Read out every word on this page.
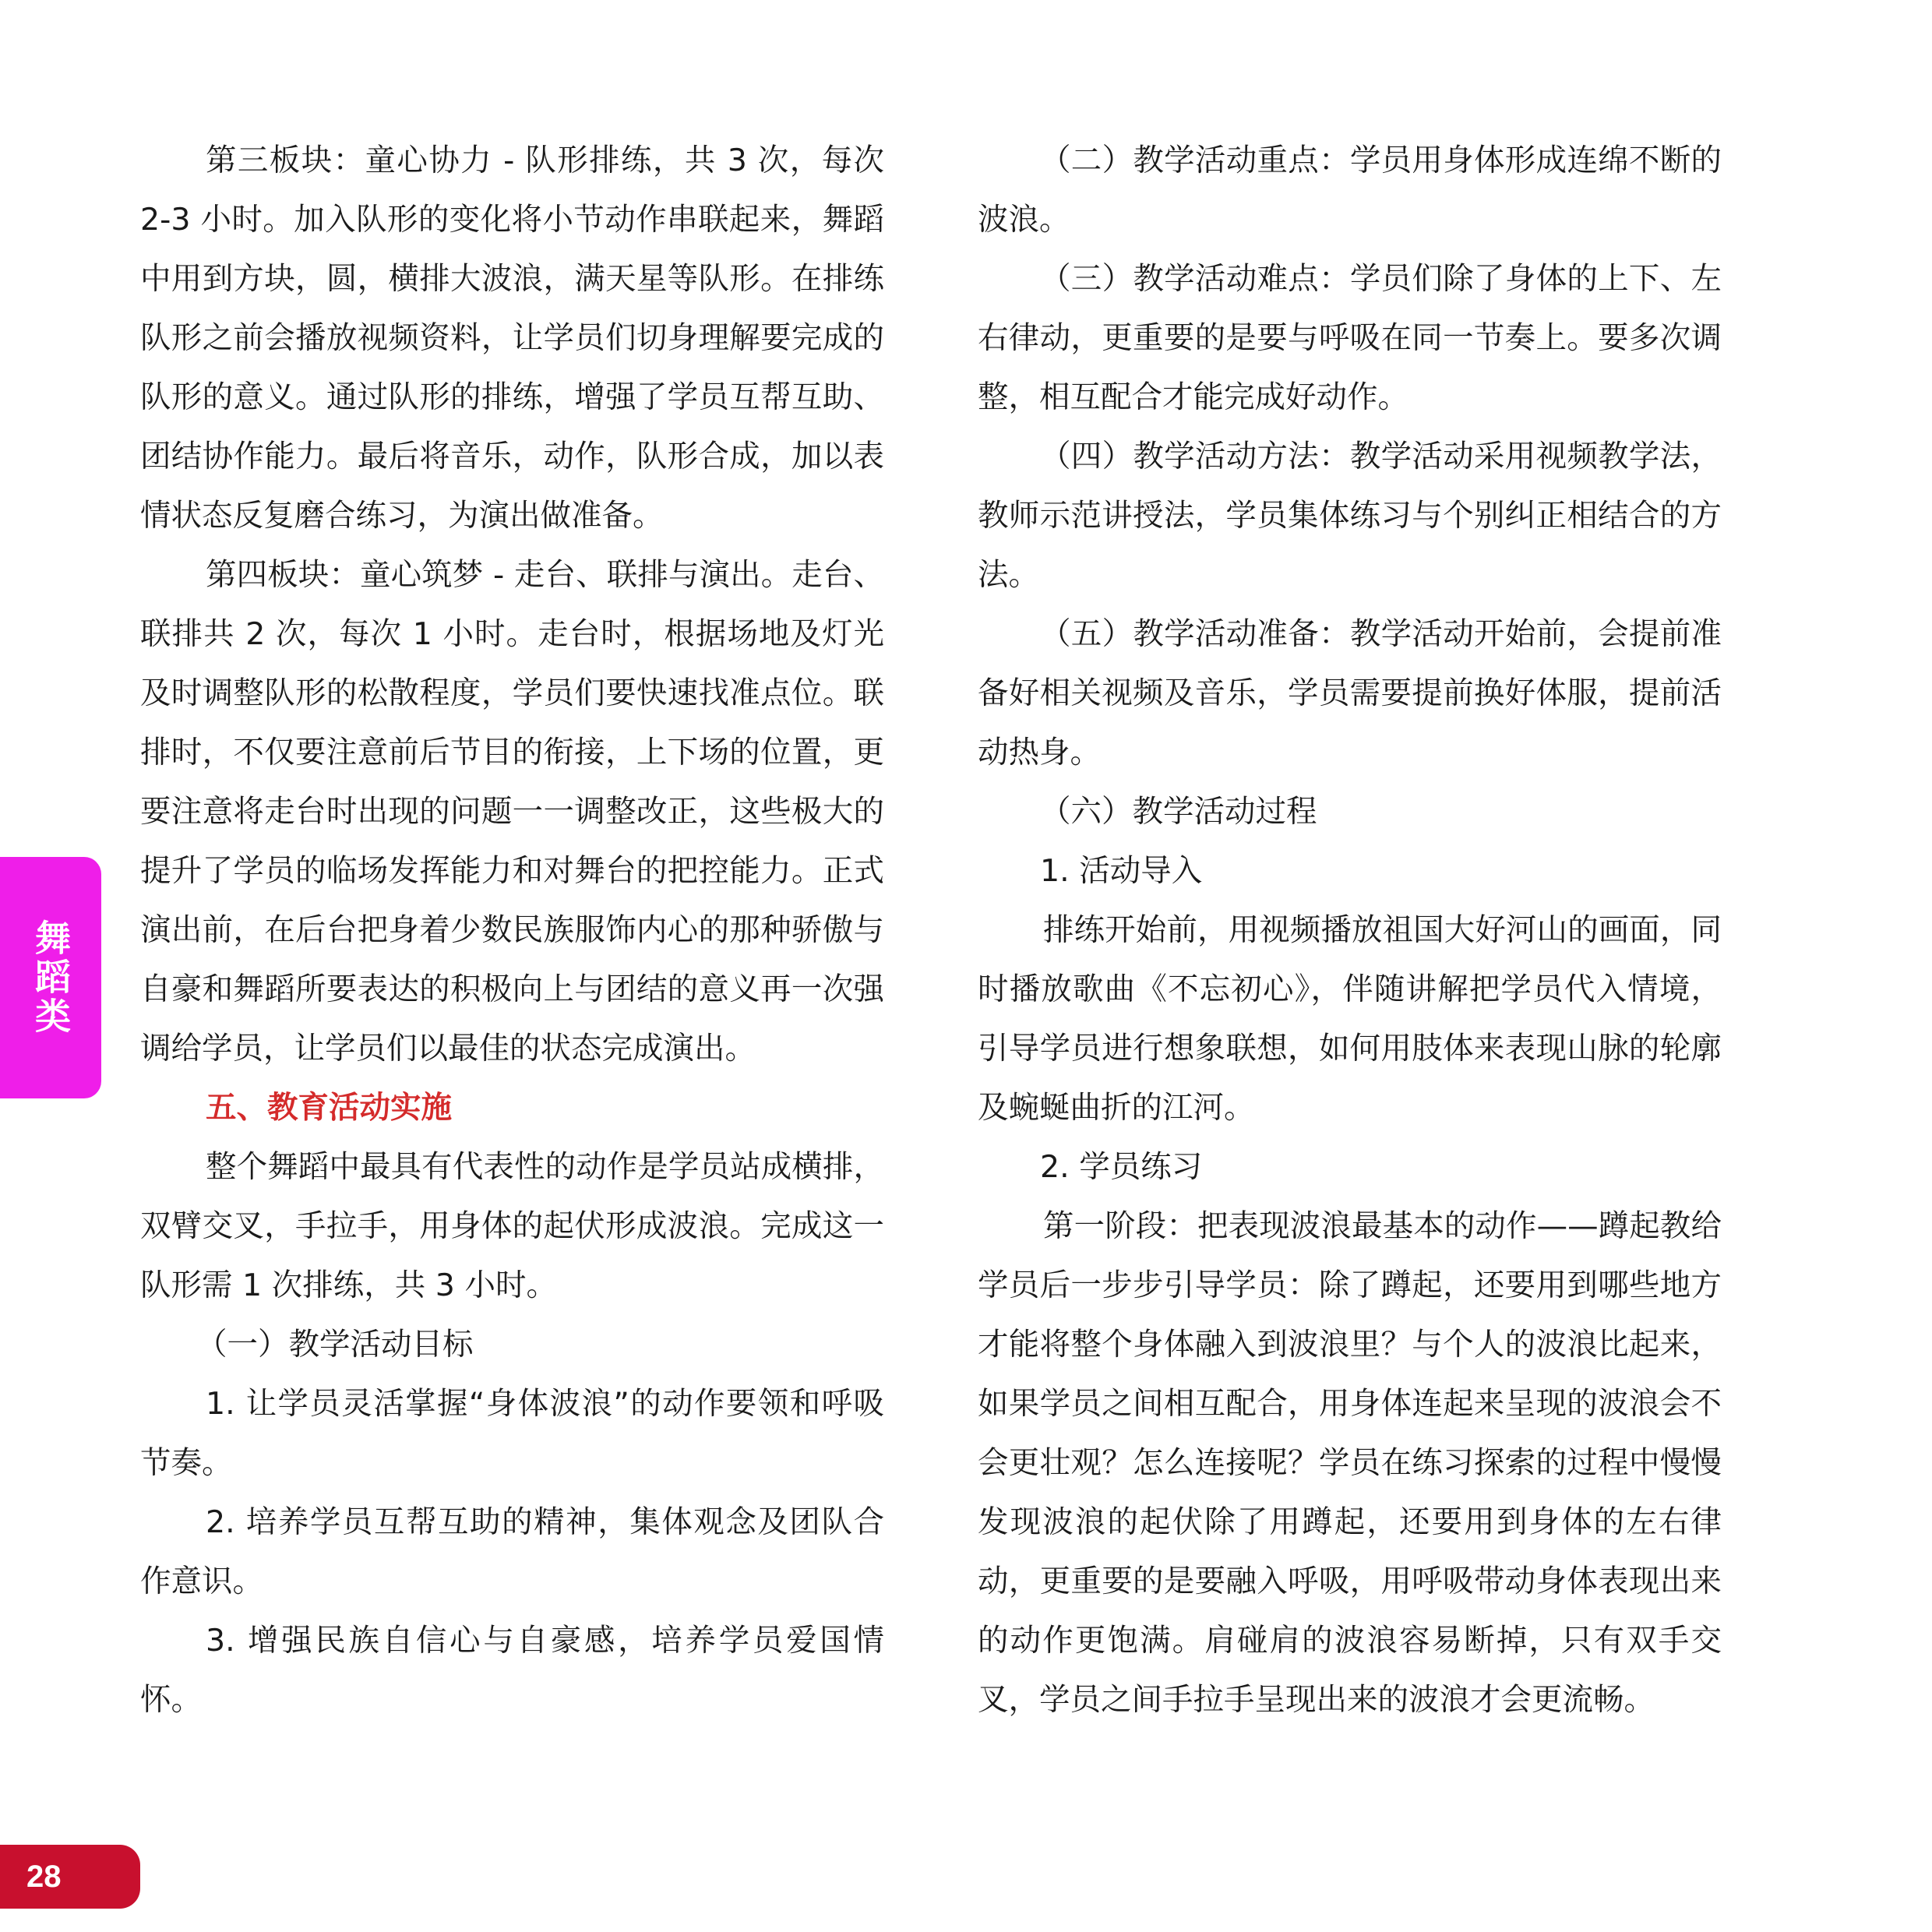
第三板块：童心协力 - 队形排练，共 3 次，每次 2-3 小时。加入队形的变化将小节动作串联起来，舞蹈中用到方块，圆，横排大波浪，满天星等队形。在排练队形之前会播放视频资料，让学员们切身理解要完成的队形的意义。通过队形的排练，增强了学员互帮互助、团结协作能力。最后将音乐，动作，队形合成，加以表情状态反复磨合练习，为演出做准备。

第四板块：童心筑梦 - 走台、联排与演出。走台、联排共 2 次，每次 1 小时。走台时，根据场地及灯光及时调整队形的松散程度，学员们要快速找准点位。联排时，不仅要注意前后节目的衔接，上下场的位置，更要注意将走台时出现的问题一一调整改正，这些极大的提升了学员的临场发挥能力和对舞台的把控能力。正式演出前，在后台把身着少数民族服饰内心的那种骄傲与自豪和舞蹈所要表达的积极向上与团结的意义再一次强调给学员，让学员们以最佳的状态完成演出。

五、教育活动实施

整个舞蹈中最具有代表性的动作是学员站成横排，双臂交叉，手拉手，用身体的起伏形成波浪。完成这一队形需 1 次排练，共 3 小时。

（一）教学活动目标

1. 让学员灵活掌握“身体波浪”的动作要领和呼吸节奏。

2. 培养学员互帮互助的精神，集体观念及团队合作意识。

3. 增强民族自信心与自豪感，培养学员爱国情怀。

（二）教学活动重点：学员用身体形成连绵不断的波浪。

（三）教学活动难点：学员们除了身体的上下、左右律动，更重要的是要与呼吸在同一节奏上。要多次调整，相互配合才能完成好动作。

（四）教学活动方法：教学活动采用视频教学法，教师示范讲授法，学员集体练习与个别纠正相结合的方法。

（五）教学活动准备：教学活动开始前，会提前准备好相关视频及音乐，学员需要提前换好体服，提前活动热身。

（六）教学活动过程

1. 活动导入

排练开始前，用视频播放祖国大好河山的画面，同时播放歌曲《不忘初心》，伴随讲解把学员代入情境，引导学员进行想象联想，如何用肢体来表现山脉的轮廓及蜿蜒曲折的江河。

2. 学员练习

第一阶段：把表现波浪最基本的动作——蹲起教给学员后一步步引导学员：除了蹲起，还要用到哪些地方才能将整个身体融入到波浪里？与个人的波浪比起来，如果学员之间相互配合，用身体连起来呈现的波浪会不会更壮观？怎么连接呢？学员在练习探索的过程中慢慢发现波浪的起伏除了用蹲起，还要用到身体的左右律动，更重要的是要融入呼吸，用呼吸带动身体表现出来的动作更饱满。肩碰肩的波浪容易断掉，只有双手交叉，学员之间手拉手呈现出来的波浪才会更流畅。

舞蹈类
28
